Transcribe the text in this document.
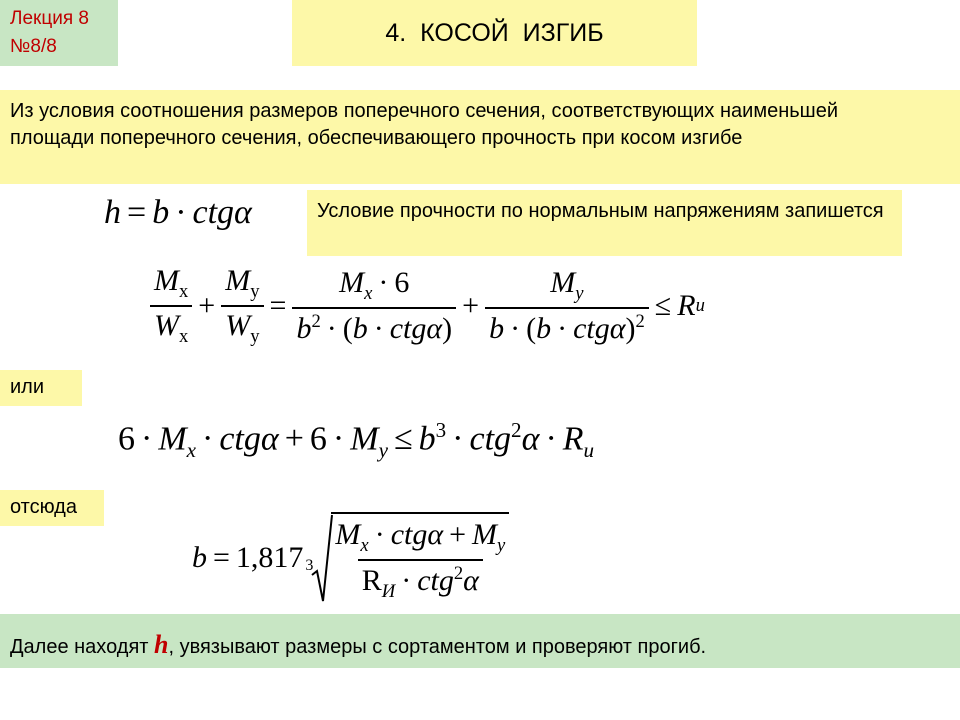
Лекция 8
№8/8	4.  КОСОЙ  ИЗГИБ
Из условия соотношения размеров поперечного сечения, соответствующих наименьшей площади поперечного сечения, обеспечивающего прочность при косом изгибе
h = b · ctgα	Условие прочности по нормальным напряжениям запишется
$\frac{M_x}{W_x} + \frac{M_y}{W_y} = \frac{M_x \cdot 6}{b^2 \cdot (b \cdot ctg\alpha)} + \frac{M_y}{b \cdot (b \cdot ctg\alpha)^2} \le R$ и
или
$6 \cdot M_x \cdot ctg\alpha + 6 \cdot M_y \le b^3 \cdot ctg^2\alpha \cdot R_и$
отсюда
b = 1,817 $3 \frac{M_x \cdot ctg\alpha + M_y}{R_И \cdot ctg^2\alpha}$
Далее находят h, увязывают размеры с сортаментом и проверяют прогиб.
